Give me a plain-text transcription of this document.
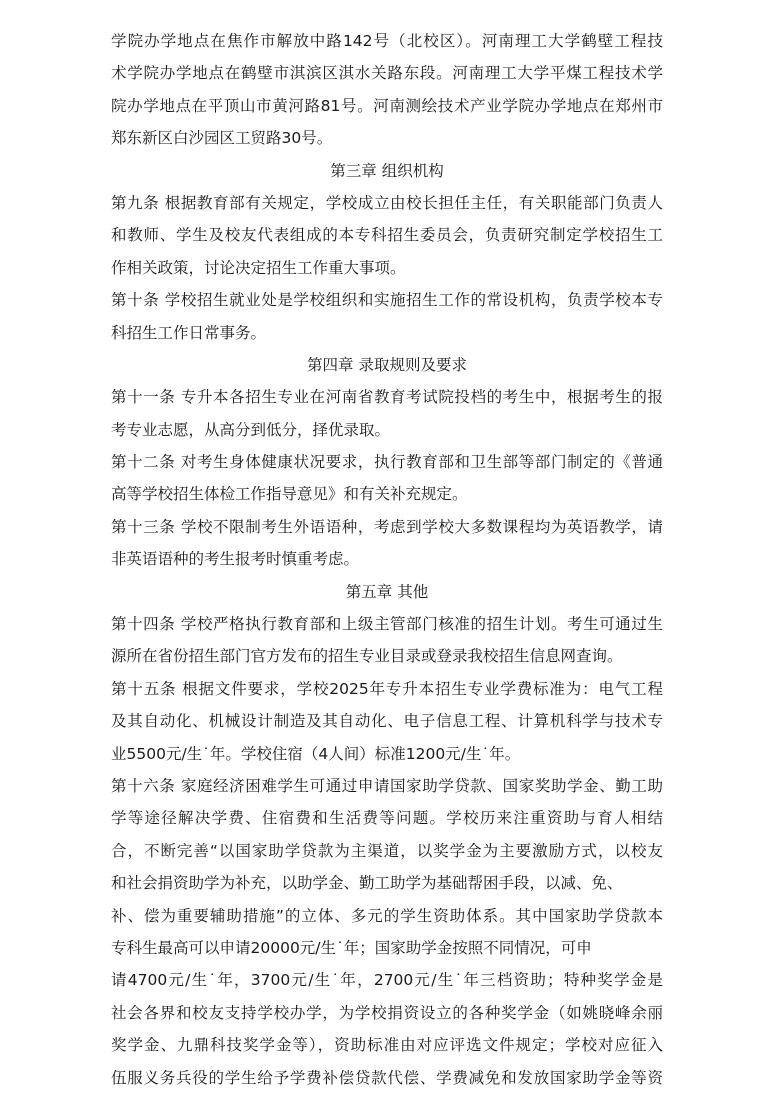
学院办学地点在焦作市解放中路142号（北校区）。河南理工大学鹤壁工程技
术学院办学地点在鹤壁市淇滨区淇水关路东段。河南理工大学平煤工程技术学
院办学地点在平顶山市黄河路81号。河南测绘技术产业学院办学地点在郑州市
郑东新区白沙园区工贸路30号。
第三章 组织机构
第九条 根据教育部有关规定，学校成立由校长担任主任，有关职能部门负责人
和教师、学生及校友代表组成的本专科招生委员会，负责研究制定学校招生工
作相关政策，讨论决定招生工作重大事项。
第十条 学校招生就业处是学校组织和实施招生工作的常设机构，负责学校本专
科招生工作日常事务。
第四章 录取规则及要求
第十一条 专升本各招生专业在河南省教育考试院投档的考生中，根据考生的报
考专业志愿，从高分到低分，择优录取。
第十二条 对考生身体健康状况要求，执行教育部和卫生部等部门制定的《普通
高等学校招生体检工作指导意见》和有关补充规定。
第十三条 学校不限制考生外语语种，考虑到学校大多数课程均为英语教学，请
非英语语种的考生报考时慎重考虑。
第五章 其他
第十四条 学校严格执行教育部和上级主管部门核准的招生计划。考生可通过生
源所在省份招生部门官方发布的招生专业目录或登录我校招生信息网查询。
第十五条 根据文件要求，学校2025年专升本招生专业学费标准为：电气工程
及其自动化、机械设计制造及其自动化、电子信息工程、计算机科学与技术专
业5500元/生˙年。学校住宿（4人间）标准1200元/生˙年。
第十六条 家庭经济困难学生可通过申请国家助学贷款、国家奖助学金、勤工助
学等途径解决学费、住宿费和生活费等问题。学校历来注重资助与育人相结
合，不断完善“以国家助学贷款为主渠道，以奖学金为主要激励方式，以校友
和社会捐资助学为补充，以助学金、勤工助学为基础帮困手段，以减、免、
补、偿为重要辅助措施”的立体、多元的学生资助体系。其中国家助学贷款本
专科生最高可以申请20000元/生˙年；国家助学金按照不同情况，可申
请4700元/生˙年，3700元/生˙年，2700元/生˙年三档资助；特种奖学金是
社会各界和校友支持学校办学，为学校捐资设立的各种奖学金（如姚晓峰余丽
奖学金、九鼎科技奖学金等），资助标准由对应评选文件规定；学校对应征入
伍服义务兵役的学生给予学费补偿贷款代偿、学费减免和发放国家助学金等资
